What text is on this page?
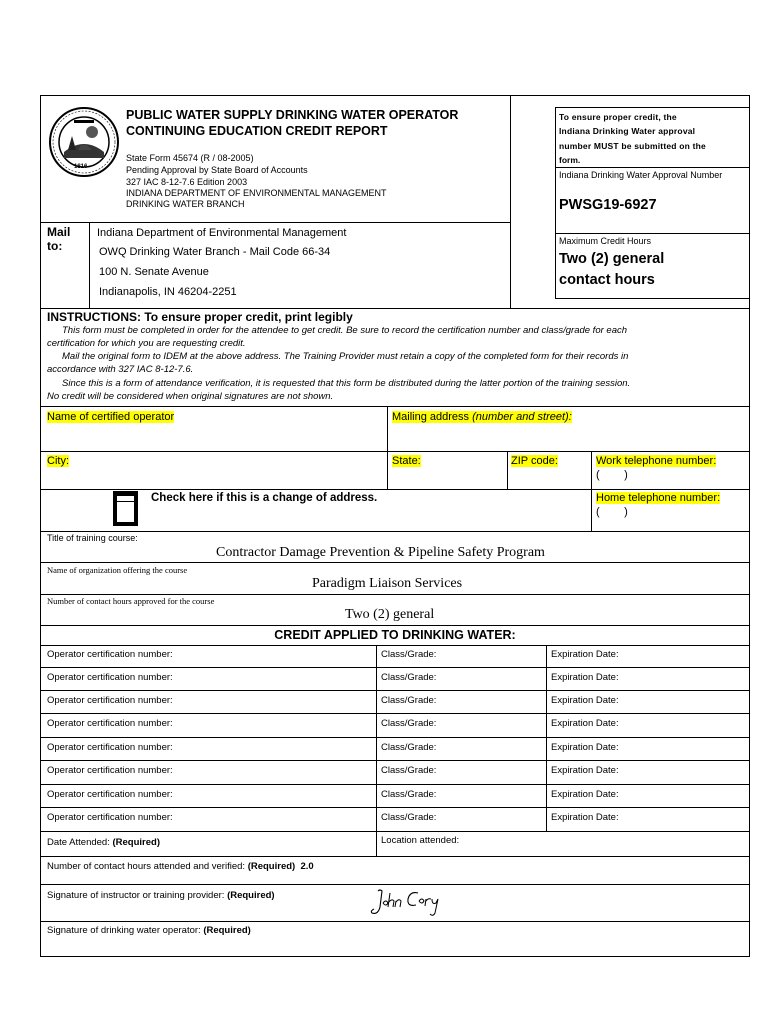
1816
PUBLIC WATER SUPPLY DRINKING WATER OPERATOR
CONTINUING EDUCATION CREDIT REPORT
State Form 45674 (R / 08-2005)
Pending Approval by State Board of Accounts
327 IAC 8-12-7.6 Edition 2003
INDIANA DEPARTMENT OF ENVIRONMENTAL MANAGEMENT
DRINKING WATER BRANCH
To ensure proper credit, the
Indiana Drinking Water approval
number MUST be submitted on the
form.
Indiana Drinking Water Approval Number
PWSG19-6927
Maximum Credit Hours
Two (2) general
contact hours
Mail
to:
Indiana Department of Environmental Management
OWQ Drinking Water Branch - Mail Code 66-34
100 N. Senate Avenue
Indianapolis, IN 46204-2251
INSTRUCTIONS: To ensure proper credit, print legibly
This form must be completed in order for the attendee to get credit. Be sure to record the certification number and class/grade for each
certification for which you are requesting credit.
Mail the original form to IDEM at the above address. The Training Provider must retain a copy of the completed form for their records in
accordance with 327 IAC 8-12-7.6.
Since this is a form of attendance verification, it is requested that this form be distributed during the latter portion of the training session.
No credit will be considered when original signatures are not shown.
Name of certified operator	Mailing address (number and street):
City:	State:	ZIP code:	Work telephone number:
(        )
Check here if this is a change of address.	Home telephone number:
(        )
Title of training course:
Contractor Damage Prevention & Pipeline Safety Program
Name of organization offering the course
Paradigm Liaison Services
Number of contact hours approved for the course
Two (2) general
CREDIT APPLIED TO DRINKING WATER:
Operator certification number:	Class/Grade:	Expiration Date:
Operator certification number:	Class/Grade:	Expiration Date:
Operator certification number:	Class/Grade:	Expiration Date:
Operator certification number:	Class/Grade:	Expiration Date:
Operator certification number:	Class/Grade:	Expiration Date:
Operator certification number:	Class/Grade:	Expiration Date:
Operator certification number:	Class/Grade:	Expiration Date:
Operator certification number:	Class/Grade:	Expiration Date:
Date Attended: (Required)	Location attended:
Number of contact hours attended and verified: (Required) 2.0
Signature of instructor or training provider: (Required)
Signature of drinking water operator: (Required)
